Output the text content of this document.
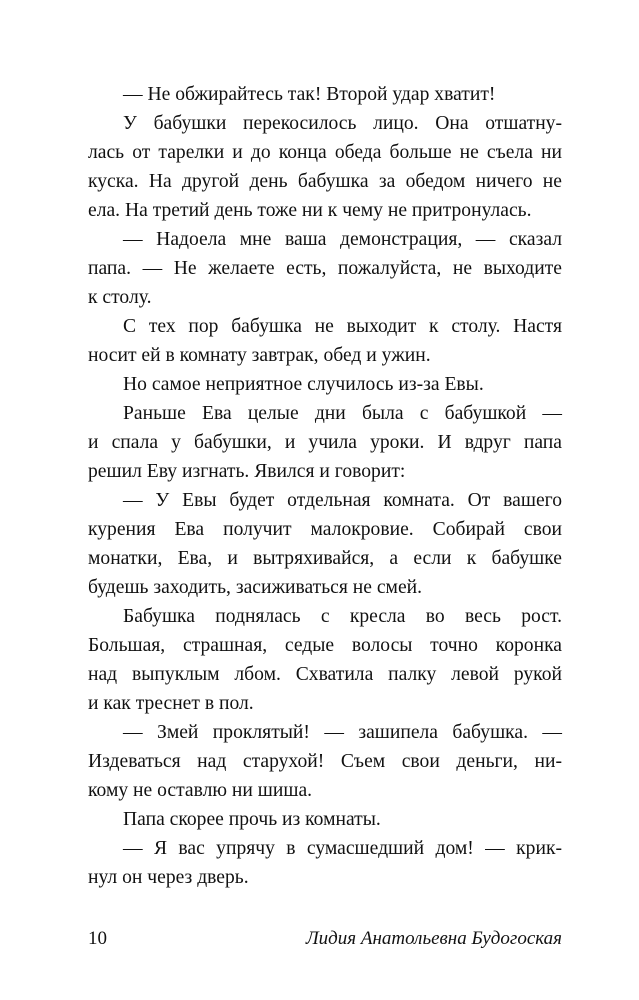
— Не обжирайтесь так! Второй удар хватит!
У бабушки перекосилось лицо. Она отшатну-
лась от тарелки и до конца обеда больше не съела ни
куска. На другой день бабушка за обедом ничего не
ела. На третий день тоже ни к чему не притронулась.
— Надоела мне ваша демонстрация, — сказал
папа. — Не желаете есть, пожалуйста, не выходите
к столу.
С тех пор бабушка не выходит к столу. Настя
носит ей в комнату завтрак, обед и ужин.
Но самое неприятное случилось из-за Евы.
Раньше Ева целые дни была с бабушкой —
и спала у бабушки, и учила уроки. И вдруг папа
решил Еву изгнать. Явился и говорит:
— У Евы будет отдельная комната. От вашего
курения Ева получит малокровие. Собирай свои
монатки, Ева, и вытряхивайся, а если к бабушке
будешь заходить, засиживаться не смей.
Бабушка поднялась с кресла во весь рост.
Большая, страшная, седые волосы точно коронка
над выпуклым лбом. Схватила палку левой рукой
и как треснет в пол.
— Змей проклятый! — зашипела бабушка. —
Издеваться над старухой! Съем свои деньги, ни-
кому не оставлю ни шиша.
Папа скорее прочь из комнаты.
— Я вас упрячу в сумасшедший дом! — крик-
нул он через дверь.
10	Лидия Анатольевна Будогоская
